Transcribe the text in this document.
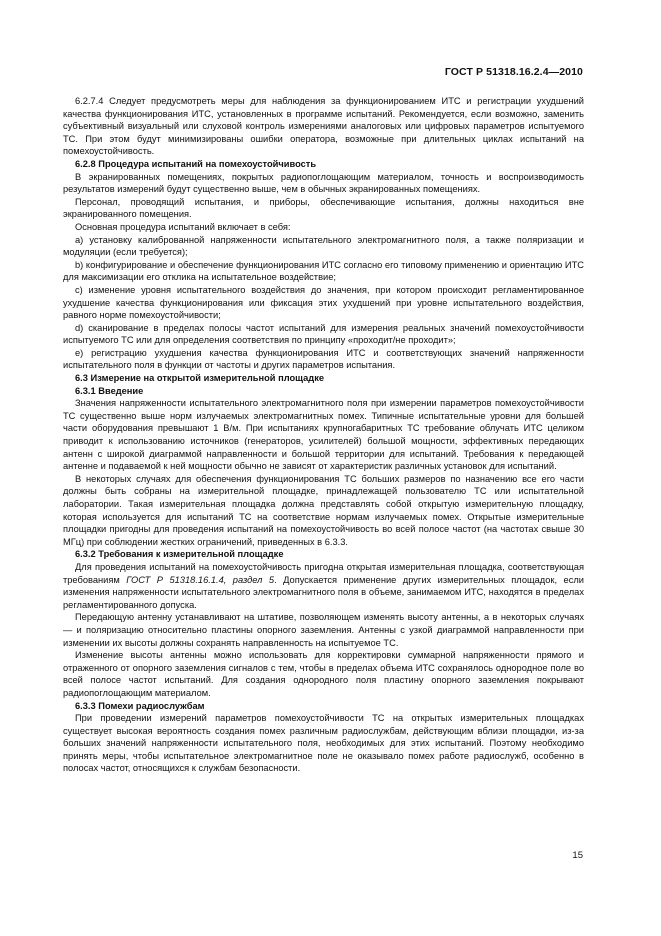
ГОСТ Р 51318.16.2.4—2010

6.2.7.4 Следует предусмотреть меры для наблюдения за функционированием ИТС и регистрации ухудшений качества функционирования ИТС, установленных в программе испытаний. Рекомендуется, если возможно, заменить субъективный визуальный или слуховой контроль измерениями аналоговых или цифровых параметров испытуемого ТС. При этом будут минимизированы ошибки оператора, возможные при длительных циклах испытаний на помехоустойчивость.

6.2.8 Процедура испытаний на помехоустойчивость

В экранированных помещениях, покрытых радиопоглощающим материалом, точность и воспроизводимость результатов измерений будут существенно выше, чем в обычных экранированных помещениях.

Персонал, проводящий испытания, и приборы, обеспечивающие испытания, должны находиться вне экранированного помещения.

Основная процедура испытаний включает в себя:

а) установку калиброванной напряженности испытательного электромагнитного поля, а также поляризации и модуляции (если требуется);

b) конфигурирование и обеспечение функционирования ИТС согласно его типовому применению и ориентацию ИТС для максимизации его отклика на испытательное воздействие;

c) изменение уровня испытательного воздействия до значения, при котором происходит регламентированное ухудшение качества функционирования или фиксация этих ухудшений при уровне испытательного воздействия, равного норме помехоустойчивости;

d) сканирование в пределах полосы частот испытаний для измерения реальных значений помехоустойчивости испытуемого ТС или для определения соответствия по принципу «проходит/не проходит»;

e) регистрацию ухудшения качества функционирования ИТС и соответствующих значений напряженности испытательного поля в функции от частоты и других параметров испытания.

6.3 Измерение на открытой измерительной площадке
6.3.1 Введение

Значения напряженности испытательного электромагнитного поля при измерении параметров помехоустойчивости ТС существенно выше норм излучаемых электромагнитных помех. Типичные испытательные уровни для большей части оборудования превышают 1 В/м. При испытаниях крупногабаритных ТС требование облучать ИТС целиком приводит к использованию источников (генераторов, усилителей) большой мощности, эффективных передающих антенн с широкой диаграммой направленности и большой территории для испытаний. Требования к передающей антенне и подаваемой к ней мощности обычно не зависят от характеристик различных установок для испытаний.

В некоторых случаях для обеспечения функционирования ТС больших размеров по назначению все его части должны быть собраны на измерительной площадке, принадлежащей пользователю ТС или испытательной лаборатории. Такая измерительная площадка должна представлять собой открытую измерительную площадку, которая используется для испытаний ТС на соответствие нормам излучаемых помех. Открытые измерительные площадки пригодны для проведения испытаний на помехоустойчивость во всей полосе частот (на частотах свыше 30 МГц) при соблюдении жестких ограничений, приведенных в 6.3.3.

6.3.2 Требования к измерительной площадке

Для проведения испытаний на помехоустойчивость пригодна открытая измерительная площадка, соответствующая требованиям ГОСТ Р 51318.16.1.4, раздел 5. Допускается применение других измерительных площадок, если изменения напряженности испытательного электромагнитного поля в объеме, занимаемом ИТС, находятся в пределах регламентированного допуска.

Передающую антенну устанавливают на штативе, позволяющем изменять высоту антенны, а в некоторых случаях — и поляризацию относительно пластины опорного заземления. Антенны с узкой диаграммой направленности при изменении их высоты должны сохранять направленность на испытуемое ТС.

Изменение высоты антенны можно использовать для корректировки суммарной напряженности прямого и отраженного от опорного заземления сигналов с тем, чтобы в пределах объема ИТС сохранялось однородное поле во всей полосе частот испытаний. Для создания однородного поля пластину опорного заземления покрывают радиопоглощающим материалом.

6.3.3 Помехи радиослужбам

При проведении измерений параметров помехоустойчивости ТС на открытых измерительных площадках существует высокая вероятность создания помех различным радиослужбам, действующим вблизи площадки, из-за больших значений напряженности испытательного поля, необходимых для этих испытаний. Поэтому необходимо принять меры, чтобы испытательное электромагнитное поле не оказывало помех работе радиослужб, особенно в полосах частот, относящихся к службам безопасности.

15
